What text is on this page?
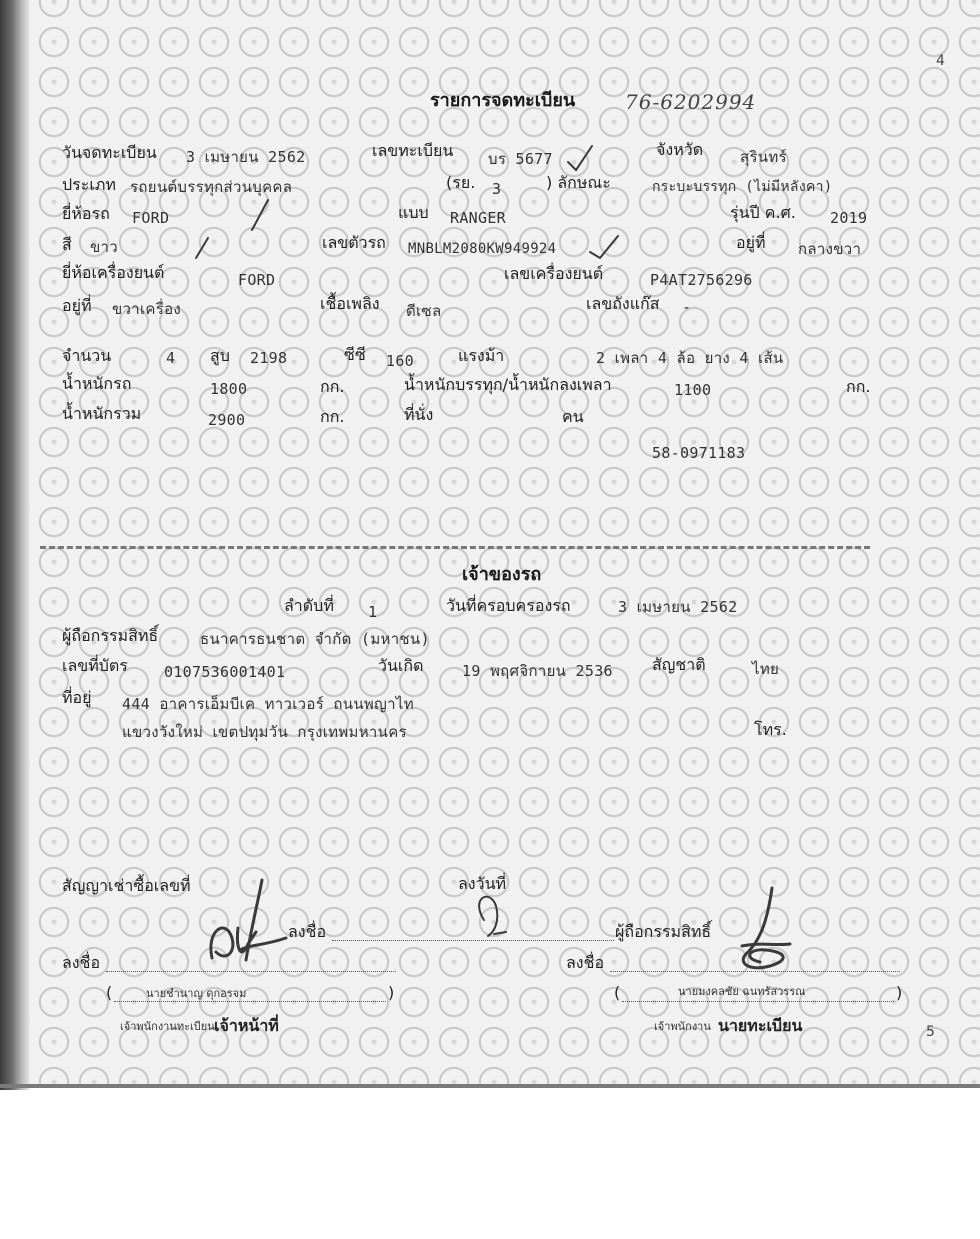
4
5
รายการจดทะเบียน 76-6202994
วันจดทะเบียน 3 เมษายน 2562	เลขทะเบียน บร 5677	จังหวัด สุรินทร์
ประเภท รถยนต์บรรทุกส่วนบุคคล	(รย. 3	) ลักษณะ	กระบะบรรทุก (ไม่มีหลังคา)
ยี่ห้อรถ FORD	แบบ RANGER	รุ่นปี ค.ศ. 2019
สี ขาว	เลขตัวรถ MNBLM2080KW949924	อยู่ที่ กลางขวา
ยี่ห้อเครื่องยนต์	FORD	เลขเครื่องยนต์	P4AT2756296
อยู่ที่ ขวาเครื่อง	เชื้อเพลิง ดีเซล	เลขถังแก๊ส -
จำนวน	4 สูบ 2198	ซีซี 160	แรงม้า	2 เพลา 4 ล้อ ยาง 4 เส้น
น้ำหนักรถ	1800	กก.	น้ำหนักบรรทุก/น้ำหนักลงเพลา	1100	กก.
น้ำหนักรวม	2900	กก.	ที่นั่ง	คน
58-0971183
เจ้าของรถ
ลำดับที่ 1	วันที่ครอบครองรถ	3 เมษายน 2562
ผู้ถือกรรมสิทธิ์	ธนาคารธนชาต จำกัด (มหาชน)
เลขที่บัตร 0107536001401	วันเกิด	19 พฤศจิกายน 2536 สัญชาติ	ไทย
ที่อยู่ 444 อาคารเอ็มบีเค ทาวเวอร์ ถนนพญาไท
แขวงวังใหม่ เขตปทุมวัน กรุงเทพมหานคร	โทร.
สัญญาเช่าซื้อเลขที่	ลงวันที่
ลงชื่อ	ผู้ถือกรรมสิทธิ์
ลงชื่อ	ลงชื่อ
(	นายชำนาญ ดุกอรจม	)	(	นายมงคลชัย ฉนทรัสวรรณ	)
เจ้าพนักงานทะเบียน เจ้าหน้าที่	เจ้าพนักงาน นายทะเบียน
